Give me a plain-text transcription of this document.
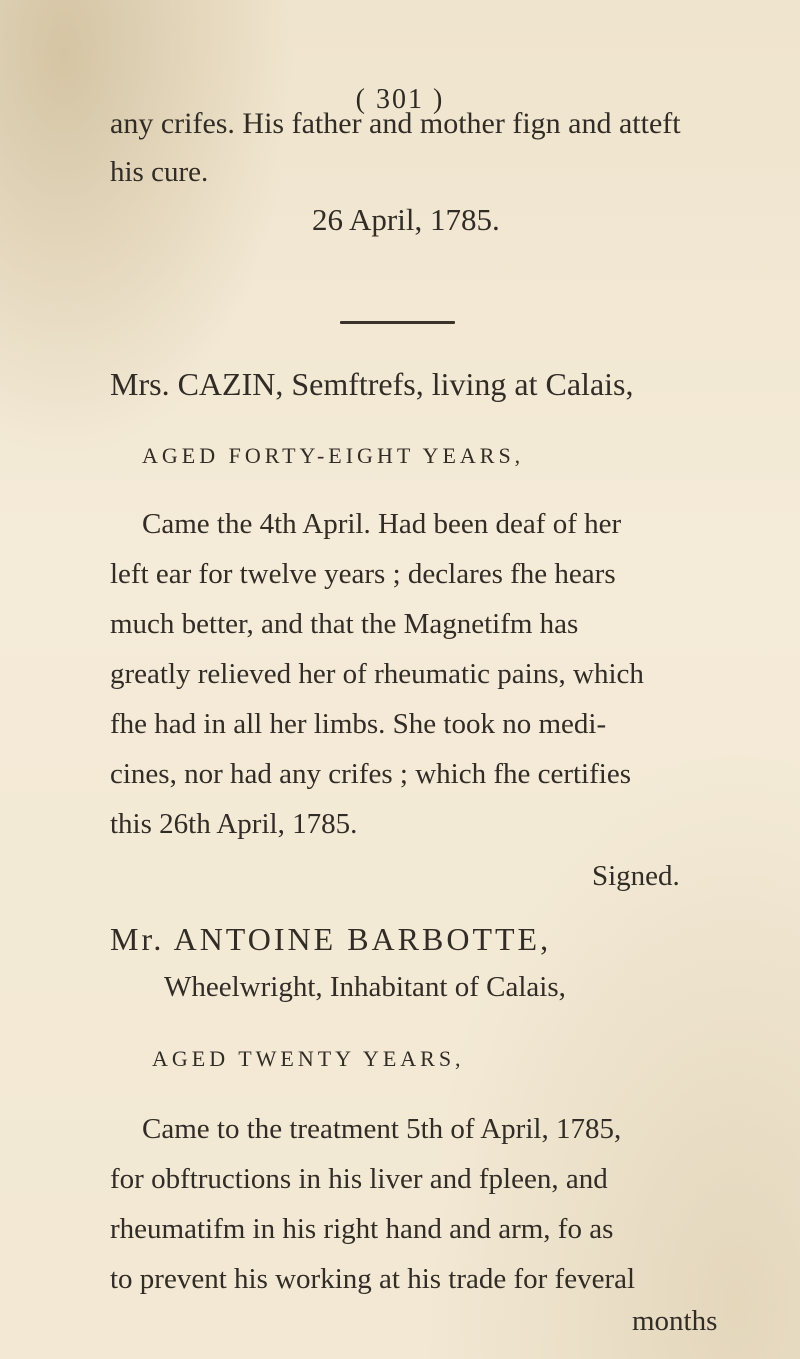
( 301 )
any crifes. His father and mother fign and atteft
his cure.
26 April, 1785.
Mrs. CAZIN, Semftrefs, living at Calais,
AGED FORTY-EIGHT YEARS,
Came the 4th April. Had been deaf of her
left ear for twelve years ; declares fhe hears
much better, and that the Magnetifm has
greatly relieved her of rheumatic pains, which
fhe had in all her limbs. She took no medi-
cines, nor had any crifes ; which fhe certifies
this 26th April, 1785.
Signed.
Mr. ANTOINE BARBOTTE,
Wheelwright, Inhabitant of Calais,
AGED TWENTY YEARS,
Came to the treatment 5th of April, 1785,
for obftructions in his liver and fpleen, and
rheumatifm in his right hand and arm, fo as
to prevent his working at his trade for feveral
months
